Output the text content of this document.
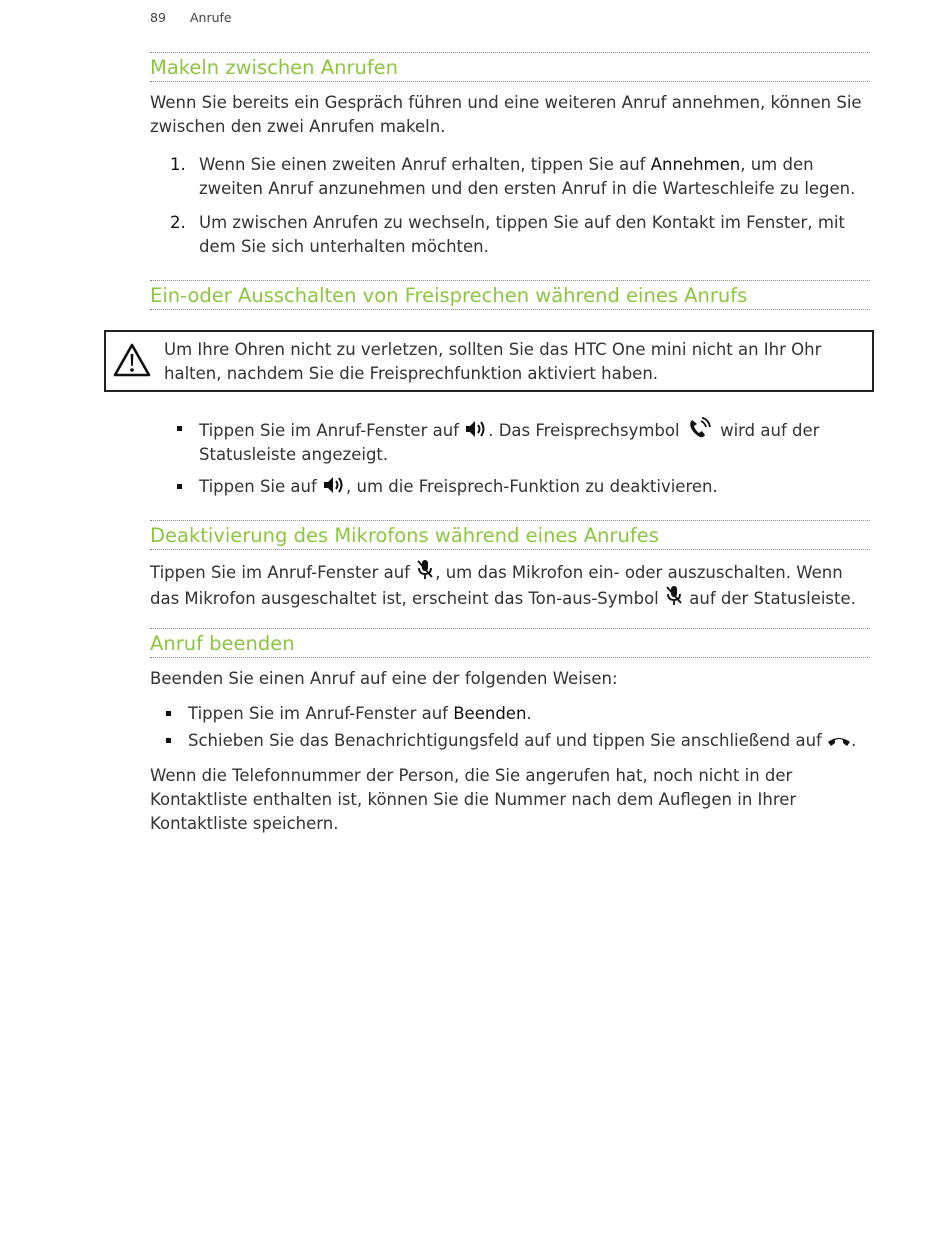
89 Anrufe
Makeln zwischen Anrufen
Wenn Sie bereits ein Gespräch führen und eine weiteren Anruf annehmen, können Sie
zwischen den zwei Anrufen makeln.
1. Wenn Sie einen zweiten Anruf erhalten, tippen Sie auf Annehmen, um den
zweiten Anruf anzunehmen und den ersten Anruf in die Warteschleife zu legen.
2. Um zwischen Anrufen zu wechseln, tippen Sie auf den Kontakt im Fenster, mit
dem Sie sich unterhalten möchten.
Ein-oder Ausschalten von Freisprechen während eines Anrufs
Um Ihre Ohren nicht zu verletzen, sollten Sie das HTC One mini nicht an Ihr Ohr
halten, nachdem Sie die Freisprechfunktion aktiviert haben.
Tippen Sie im Anruf-Fenster auf . Das Freisprechsymbol  wird auf der
Statusleiste angezeigt.
Tippen Sie auf , um die Freisprech-Funktion zu deaktivieren.
Deaktivierung des Mikrofons während eines Anrufes
Tippen Sie im Anruf-Fenster auf , um das Mikrofon ein- oder auszuschalten. Wenn
das Mikrofon ausgeschaltet ist, erscheint das Ton-aus-Symbol  auf der Statusleiste.
Anruf beenden
Beenden Sie einen Anruf auf eine der folgenden Weisen:
Tippen Sie im Anruf-Fenster auf Beenden.
Schieben Sie das Benachrichtigungsfeld auf und tippen Sie anschließend auf .
Wenn die Telefonnummer der Person, die Sie angerufen hat, noch nicht in der
Kontaktliste enthalten ist, können Sie die Nummer nach dem Auflegen in Ihrer
Kontaktliste speichern.
